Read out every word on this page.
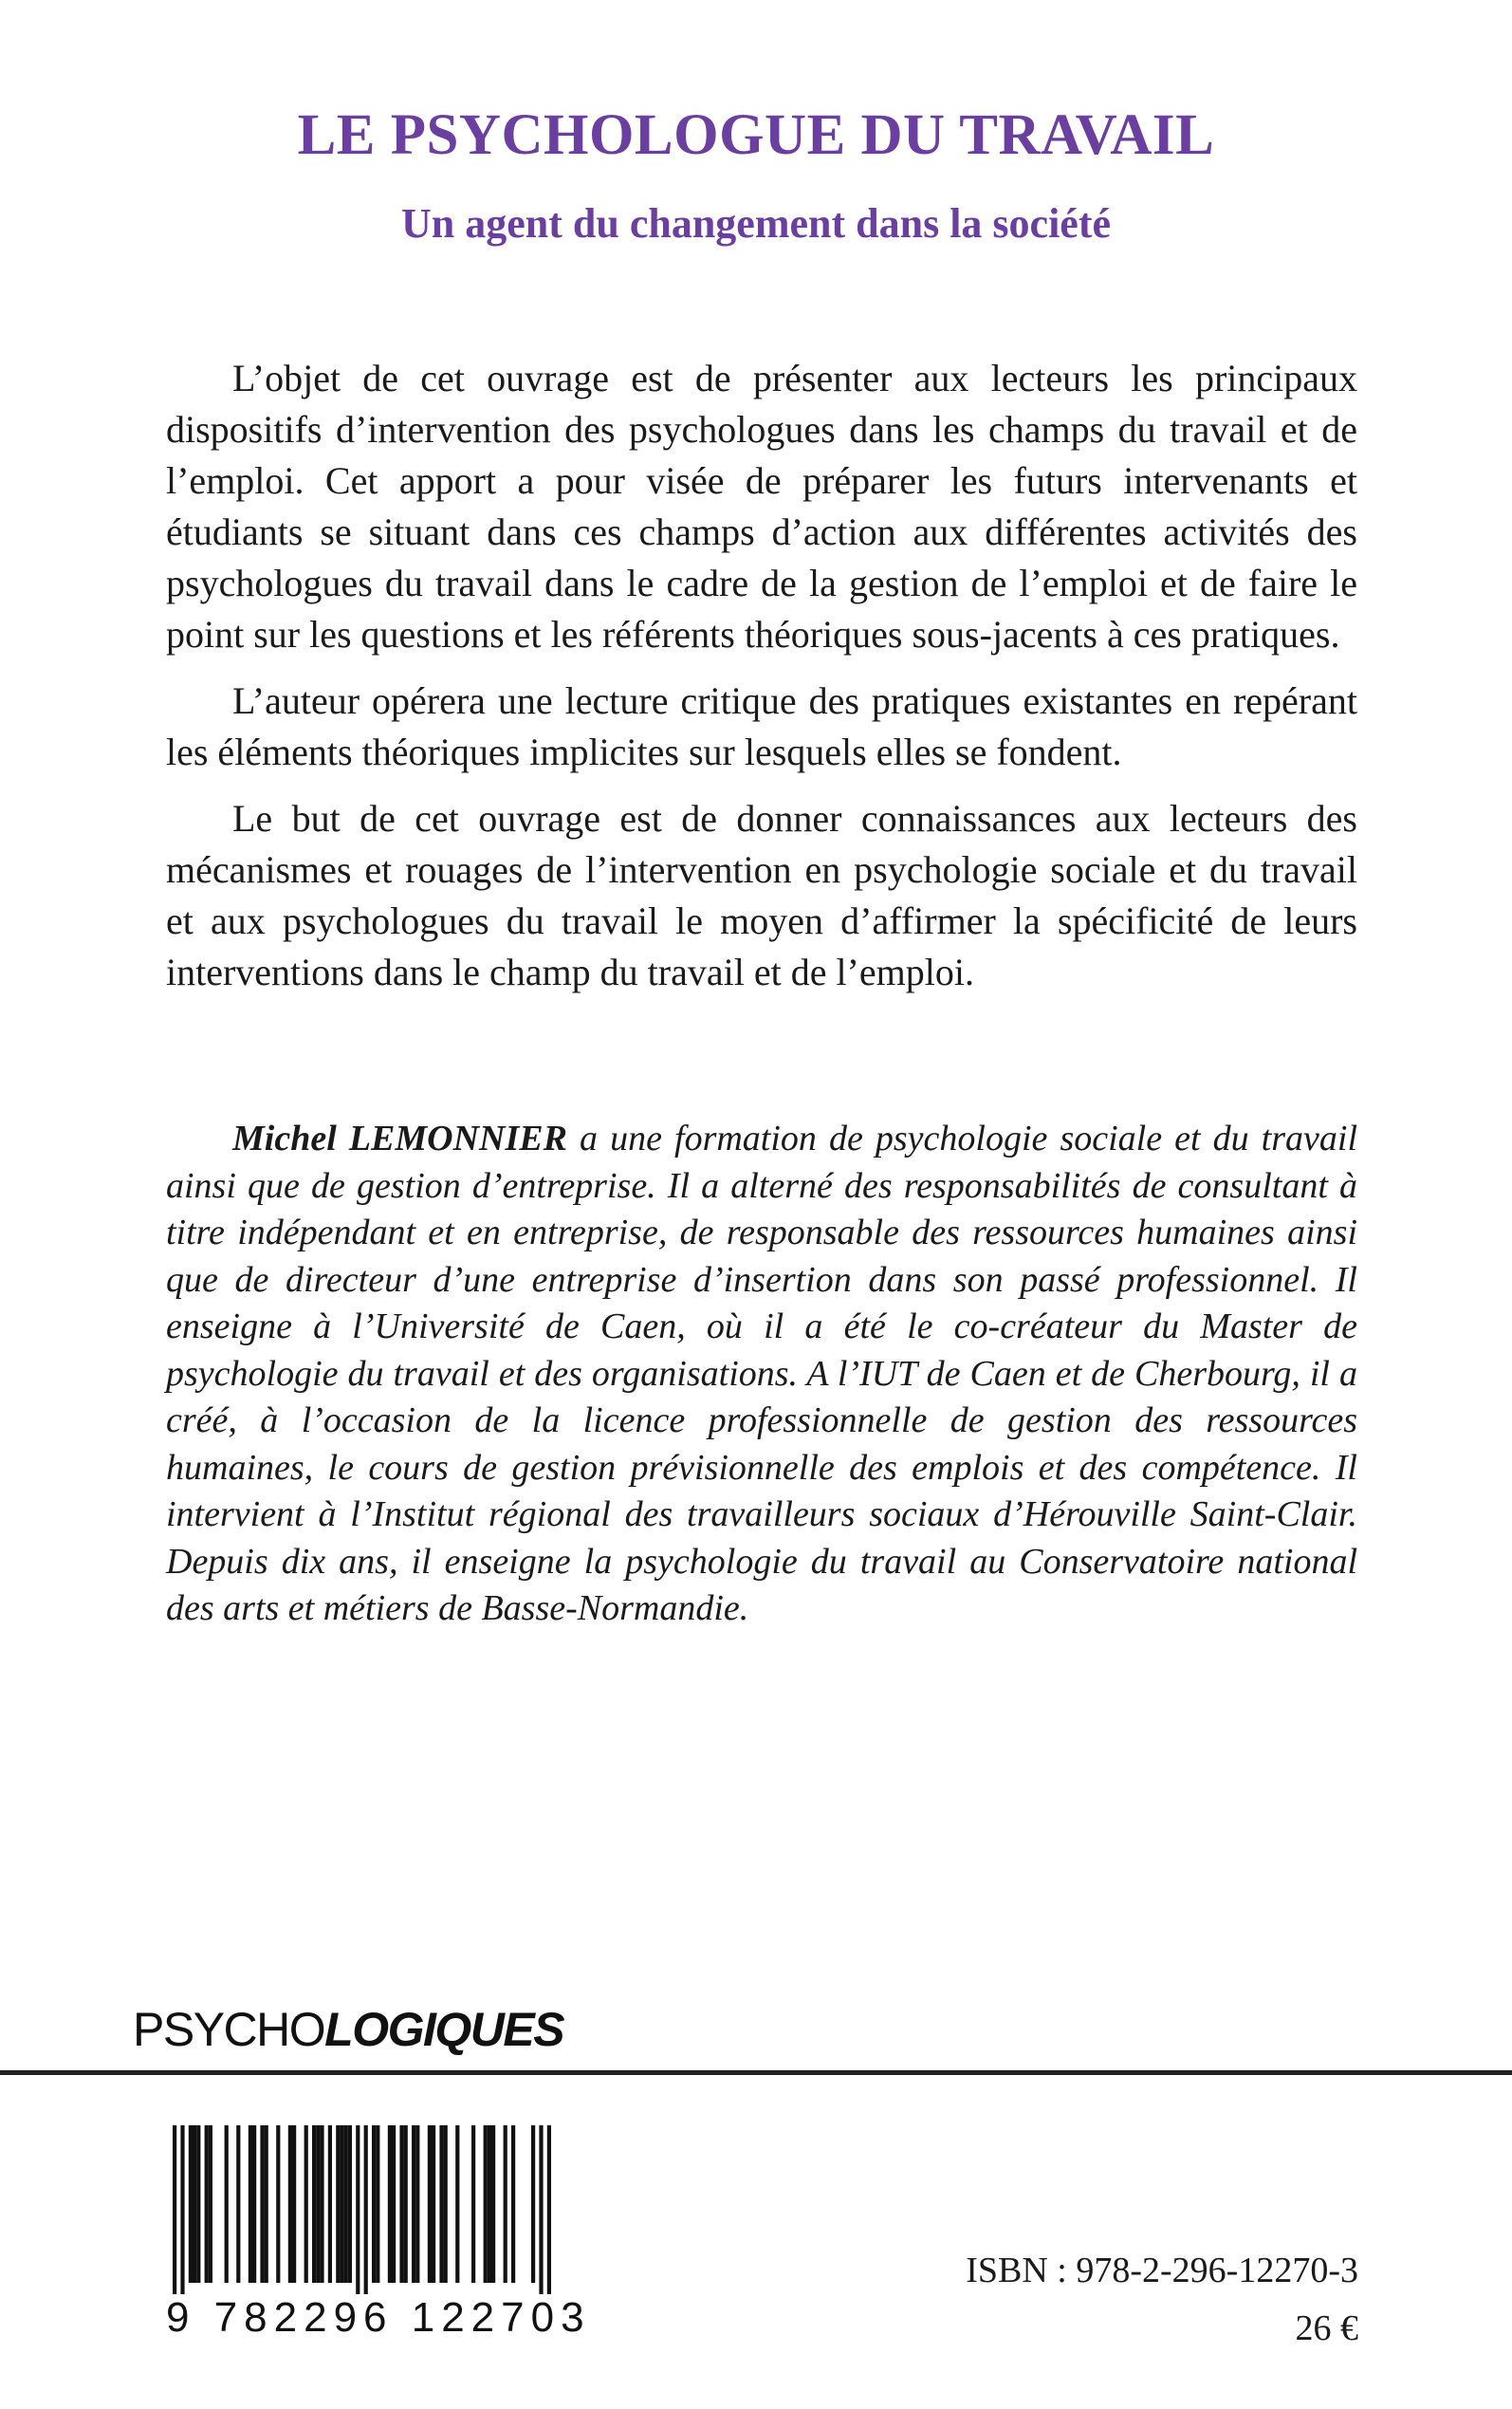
LE PSYCHOLOGUE DU TRAVAIL
Un agent du changement dans la société

L’objet de cet ouvrage est de présenter aux lecteurs les principaux dispositifs d’intervention des psychologues dans les champs du travail et de l’emploi. Cet apport a pour visée de préparer les futurs intervenants et étudiants se situant dans ces champs d’action aux différentes activités des psychologues du travail dans le cadre de la gestion de l’emploi et de faire le point sur les questions et les référents théoriques sous-jacents à ces pratiques.

L’auteur opérera une lecture critique des pratiques existantes en repérant les éléments théoriques implicites sur lesquels elles se fondent.

Le but de cet ouvrage est de donner connaissances aux lecteurs des mécanismes et rouages de l’intervention en psychologie sociale et du travail et aux psychologues du travail le moyen d’affirmer la spécificité de leurs interventions dans le champ du travail et de l’emploi.

Michel LEMONNIER a une formation de psychologie sociale et du travail ainsi que de gestion d’entreprise. Il a alterné des responsabilités de consultant à titre indépendant et en entreprise, de responsable des ressources humaines ainsi que de directeur d’une entreprise d’insertion dans son passé professionnel. Il enseigne à l’Université de Caen, où il a été le co-créateur du Master de psychologie du travail et des organisations. A l’IUT de Caen et de Cherbourg, il a créé, à l’occasion de la licence professionnelle de gestion des ressources humaines, le cours de gestion prévisionnelle des emplois et des compétence. Il intervient à l’Institut régional des travailleurs sociaux d’Hérouville Saint-Clair. Depuis dix ans, il enseigne la psychologie du travail au Conservatoire national des arts et métiers de Basse-Normandie.

PSYCHOLOGIQUES
9 782296 122703
ISBN : 978-2-296-12270-3
26 €
